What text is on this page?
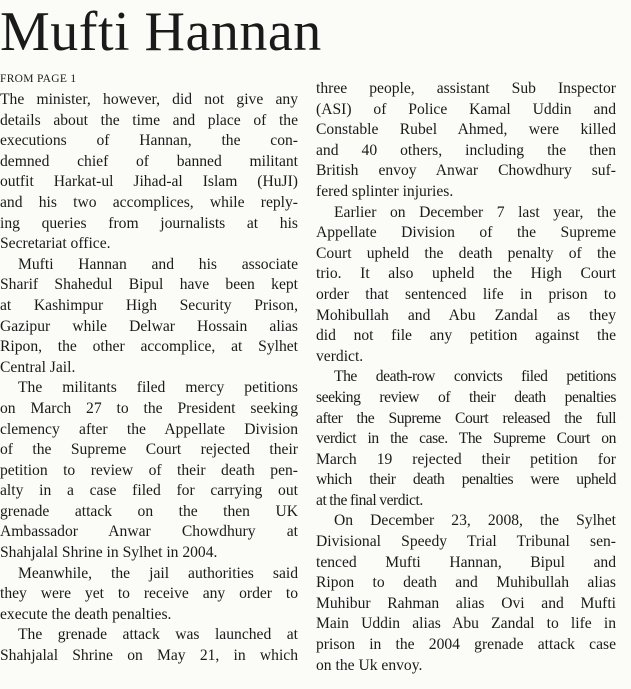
Mufti Hannan
FROM PAGE 1
The minister, however, did not give any
details about the time and place of the
executions of Hannan, the con-
demned chief of banned militant
outfit Harkat-ul Jihad-al Islam (HuJI)
and his two accomplices, while reply-
ing queries from journalists at his
Secretariat office.
Mufti Hannan and his associate
Sharif Shahedul Bipul have been kept
at Kashimpur High Security Prison,
Gazipur while Delwar Hossain alias
Ripon, the other accomplice, at Sylhet
Central Jail.
The militants filed mercy petitions
on March 27 to the President seeking
clemency after the Appellate Division
of the Supreme Court rejected their
petition to review of their death pen-
alty in a case filed for carrying out
grenade attack on the then UK
Ambassador Anwar Chowdhury at
Shahjalal Shrine in Sylhet in 2004.
Meanwhile, the jail authorities said
they were yet to receive any order to
execute the death penalties.
The grenade attack was launched at
Shahjalal Shrine on May 21, in which
three people, assistant Sub Inspector
(ASI) of Police Kamal Uddin and
Constable Rubel Ahmed, were killed
and 40 others, including the then
British envoy Anwar Chowdhury suf-
fered splinter injuries.
Earlier on December 7 last year, the
Appellate Division of the Supreme
Court upheld the death penalty of the
trio. It also upheld the High Court
order that sentenced life in prison to
Mohibullah and Abu Zandal as they
did not file any petition against the
verdict.
The death-row convicts filed petitions
seeking review of their death penalties
after the Supreme Court released the full
verdict in the case. The Supreme Court on
March 19 rejected their petition for
which their death penalties were upheld
at the final verdict.
On December 23, 2008, the Sylhet
Divisional Speedy Trial Tribunal sen-
tenced Mufti Hannan, Bipul and
Ripon to death and Muhibullah alias
Muhibur Rahman alias Ovi and Mufti
Main Uddin alias Abu Zandal to life in
prison in the 2004 grenade attack case
on the Uk envoy.
